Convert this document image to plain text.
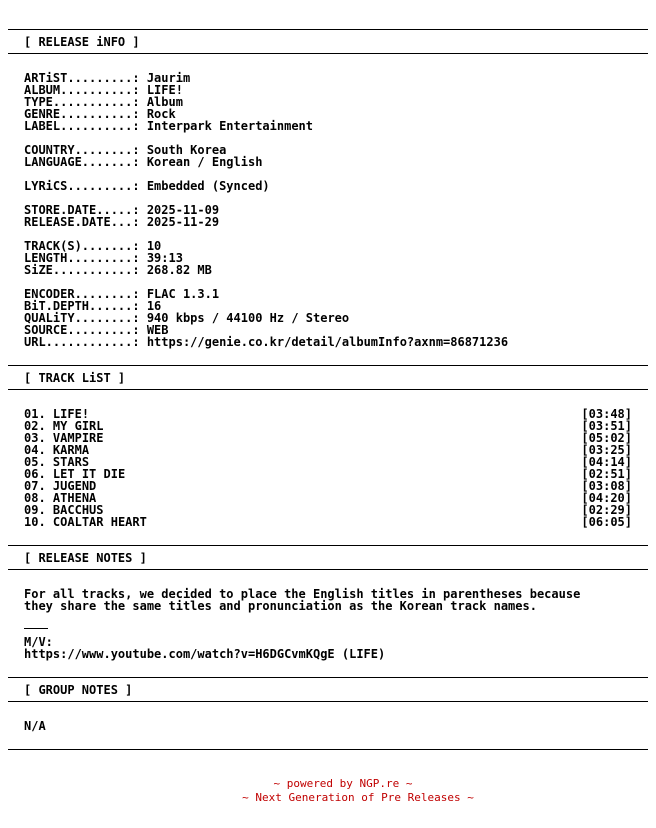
[ RELEASE iNFO ]
ARTiST.........: Jaurim
ALBUM..........: LIFE!
TYPE...........: Album
GENRE..........: Rock
LABEL..........: Interpark Entertainment
COUNTRY........: South Korea
LANGUAGE.......: Korean / English
LYRiCS.........: Embedded (Synced)
STORE.DATE.....: 2025-11-09
RELEASE.DATE...: 2025-11-29
TRACK(S).......: 10
LENGTH.........: 39:13
SiZE...........: 268.82 MB
ENCODER........: FLAC 1.3.1
BiT.DEPTH......: 16
QUALiTY........: 940 kbps / 44100 Hz / Stereo
SOURCE.........: WEB
URL............: https://genie.co.kr/detail/albumInfo?axnm=86871236
[ TRACK LiST ]
01. LIFE!	[03:48]
02. MY GIRL	[03:51]
03. VAMPIRE	[05:02]
04. KARMA	[03:25]
05. STARS	[04:14]
06. LET IT DIE	[02:51]
07. JUGEND	[03:08]
08. ATHENA	[04:20]
09. BACCHUS	[02:29]
10. COALTAR HEART	[06:05]
[ RELEASE NOTES ]
For all tracks, we decided to place the English titles in parentheses because
they share the same titles and pronunciation as the Korean track names.
M/V:
https://www.youtube.com/watch?v=H6DGCvmKQgE (LIFE)
[ GROUP NOTES ]
N/A
~ powered by NGP.re ~
~ Next Generation of Pre Releases ~
